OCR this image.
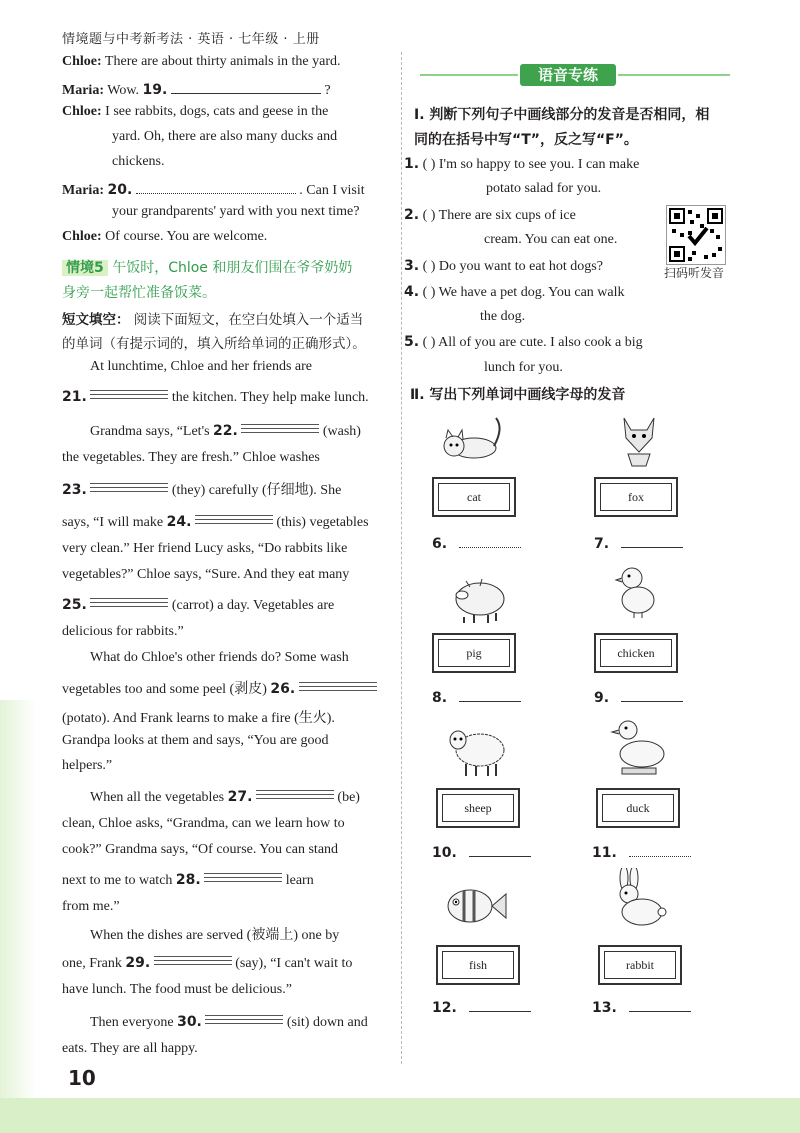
情境题与中考新考法 · 英语 · 七年级 · 上册
10
Chloe: There are about thirty animals in the yard.
Maria: Wow. 19.	?
Chloe: I see rabbits, dogs, cats and geese in the
yard. Oh, there are also many ducks and
chickens.
Maria: 20.	. Can I visit
your grandparents' yard with you next time?
Chloe: Of course. You are welcome.
情境5 午饭时，Chloe 和朋友们围在爷爷奶奶
身旁一起帮忙准备饭菜。
短文填空： 阅读下面短文，在空白处填入一个适当
的单词（有提示词的，填入所给单词的正确形式）。
At lunchtime, Chloe and her friends are
21.	the kitchen. They help make lunch.
Grandma says, “Let's 22.	(wash)
the vegetables. They are fresh.” Chloe washes
23.	(they) carefully (仔细地). She
says, “I will make 24.	(this) vegetables
very clean.” Her friend Lucy asks, “Do rabbits like
vegetables?” Chloe says, “Sure. And they eat many
25.	(carrot) a day. Vegetables are
delicious for rabbits.”
What do Chloe's other friends do? Some wash
vegetables too and some peel (剥皮) 26.
(potato). And Frank learns to make a fire (生火).
Grandpa looks at them and says, “You are good
helpers.”
When all the vegetables 27.	(be)
clean, Chloe asks, “Grandma, can we learn how to
cook?” Grandma says, “Of course. You can stand
next to me to watch 28.	learn
from me.”
When the dishes are served (被端上) one by
one, Frank 29.	(say), “I can't wait to
have lunch. The food must be delicious.”
Then everyone 30.	(sit) down and
eats. They are all happy.
语音专练
Ⅰ. 判断下列句子中画线部分的发音是否相同，相
同的在括号中写“T”，反之写“F”。
1. ( ) I'm so happy to see you. I can make
potato salad for you.
2. ( ) There are six cups of ice
cream. You can eat one.
扫码听发音
3. ( ) Do you want to eat hot dogs?
4. ( ) We have a pet dog. You can walk
the dog.
5. ( ) All of you are cute. I also cook a big
lunch for you.
Ⅱ. 写出下列单词中画线字母的发音
cat
6.
fox
7.
pig
8.
chicken
9.
sheep
10.
duck
11.
fish
12.
rabbit
13.
